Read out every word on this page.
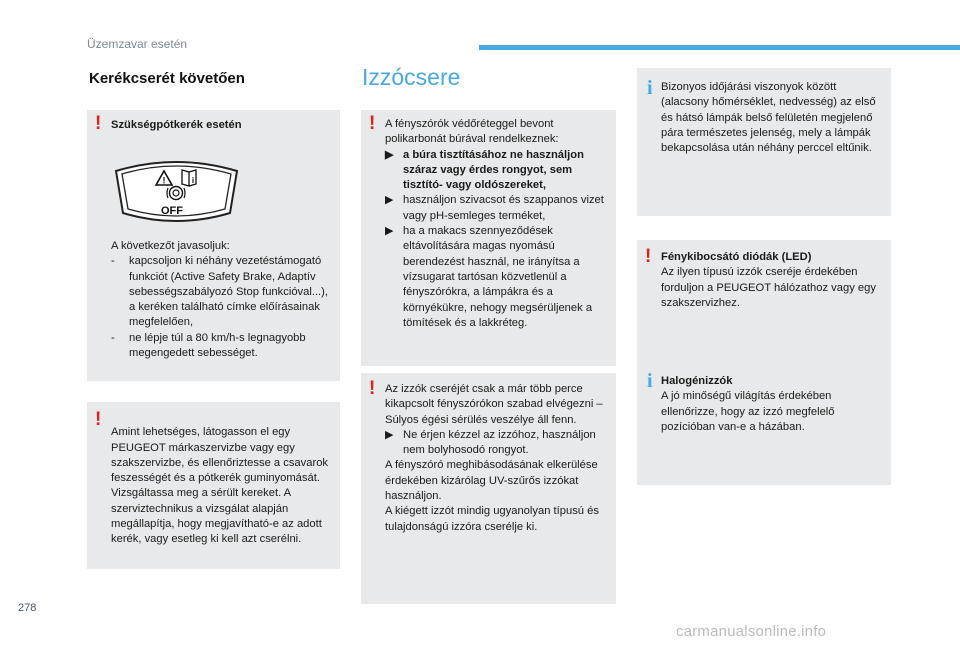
Üzemzavar esetén
Kerékcserét követően
! Szükségpótkerék esetén

!	i
OFF

A következőt javasoljuk:

- kapcsoljon ki néhány vezetéstámogató funkciót (Active Safety Brake, Adaptív sebességszabályozó Stop funkcióval...), a keréken található címke előírásainak megfelelően,
- ne lépje túl a 80 km/h-s legnagyobb megengedett sebességet.
!

Amint lehetséges, látogasson el egy PEUGEOT márkaszervizbe vagy egy szakszervizbe, és ellenőriztesse a csavarok feszességét és a pótkerék guminyomását.
Vizsgáltassa meg a sérült kereket. A szerviztechnikus a vizsgálat alapján megállapítja, hogy megjavítható-e az adott kerék, vagy esetleg ki kell azt cserélni.

Izzócsere
! A fényszórók védőréteggel bevont polikarbonát búrával rendelkeznek:

▶ a búra tisztításához ne használjon száraz vagy érdes rongyot, sem tisztító- vagy oldószereket,
▶ használjon szivacsot és szappanos vizet vagy pH-semleges terméket,
▶ ha a makacs szennyeződések eltávolítására magas nyomású berendezést használ, ne irányítsa a vízsugarat tartósan közvetlenül a fényszórókra, a lámpákra és a környékükre, nehogy megsérüljenek a tömítések és a lakkréteg.
! Az izzók cseréjét csak a már több perce kikapcsolt fényszórókon szabad elvégezni – Súlyos égési sérülés veszélye áll fenn.

▶ Ne érjen kézzel az izzóhoz, használjon nem bolyhosodó rongyot.

A fényszóró meghibásodásának elkerülése érdekében kizárólag UV-szűrős izzókat használjon.

A kiégett izzót mindig ugyanolyan típusú és tulajdonságú izzóra cserélje ki.

i Bizonyos időjárási viszonyok között (alacsony hőmérséklet, nedvesség) az első és hátsó lámpák belső felületén megjelenő pára természetes jelenség, mely a lámpák bekapcsolása után néhány perccel eltűnik.

! Fénykibocsátó diódák (LED)

Az ilyen típusú izzók cseréje érdekében forduljon a PEUGEOT hálózathoz vagy egy szakszervizhez.

i Halogénizzók

A jó minőségű világítás érdekében ellenőrizze, hogy az izzó megfelelő pozícióban van-e a házában.

278
carmanualsonline.info
